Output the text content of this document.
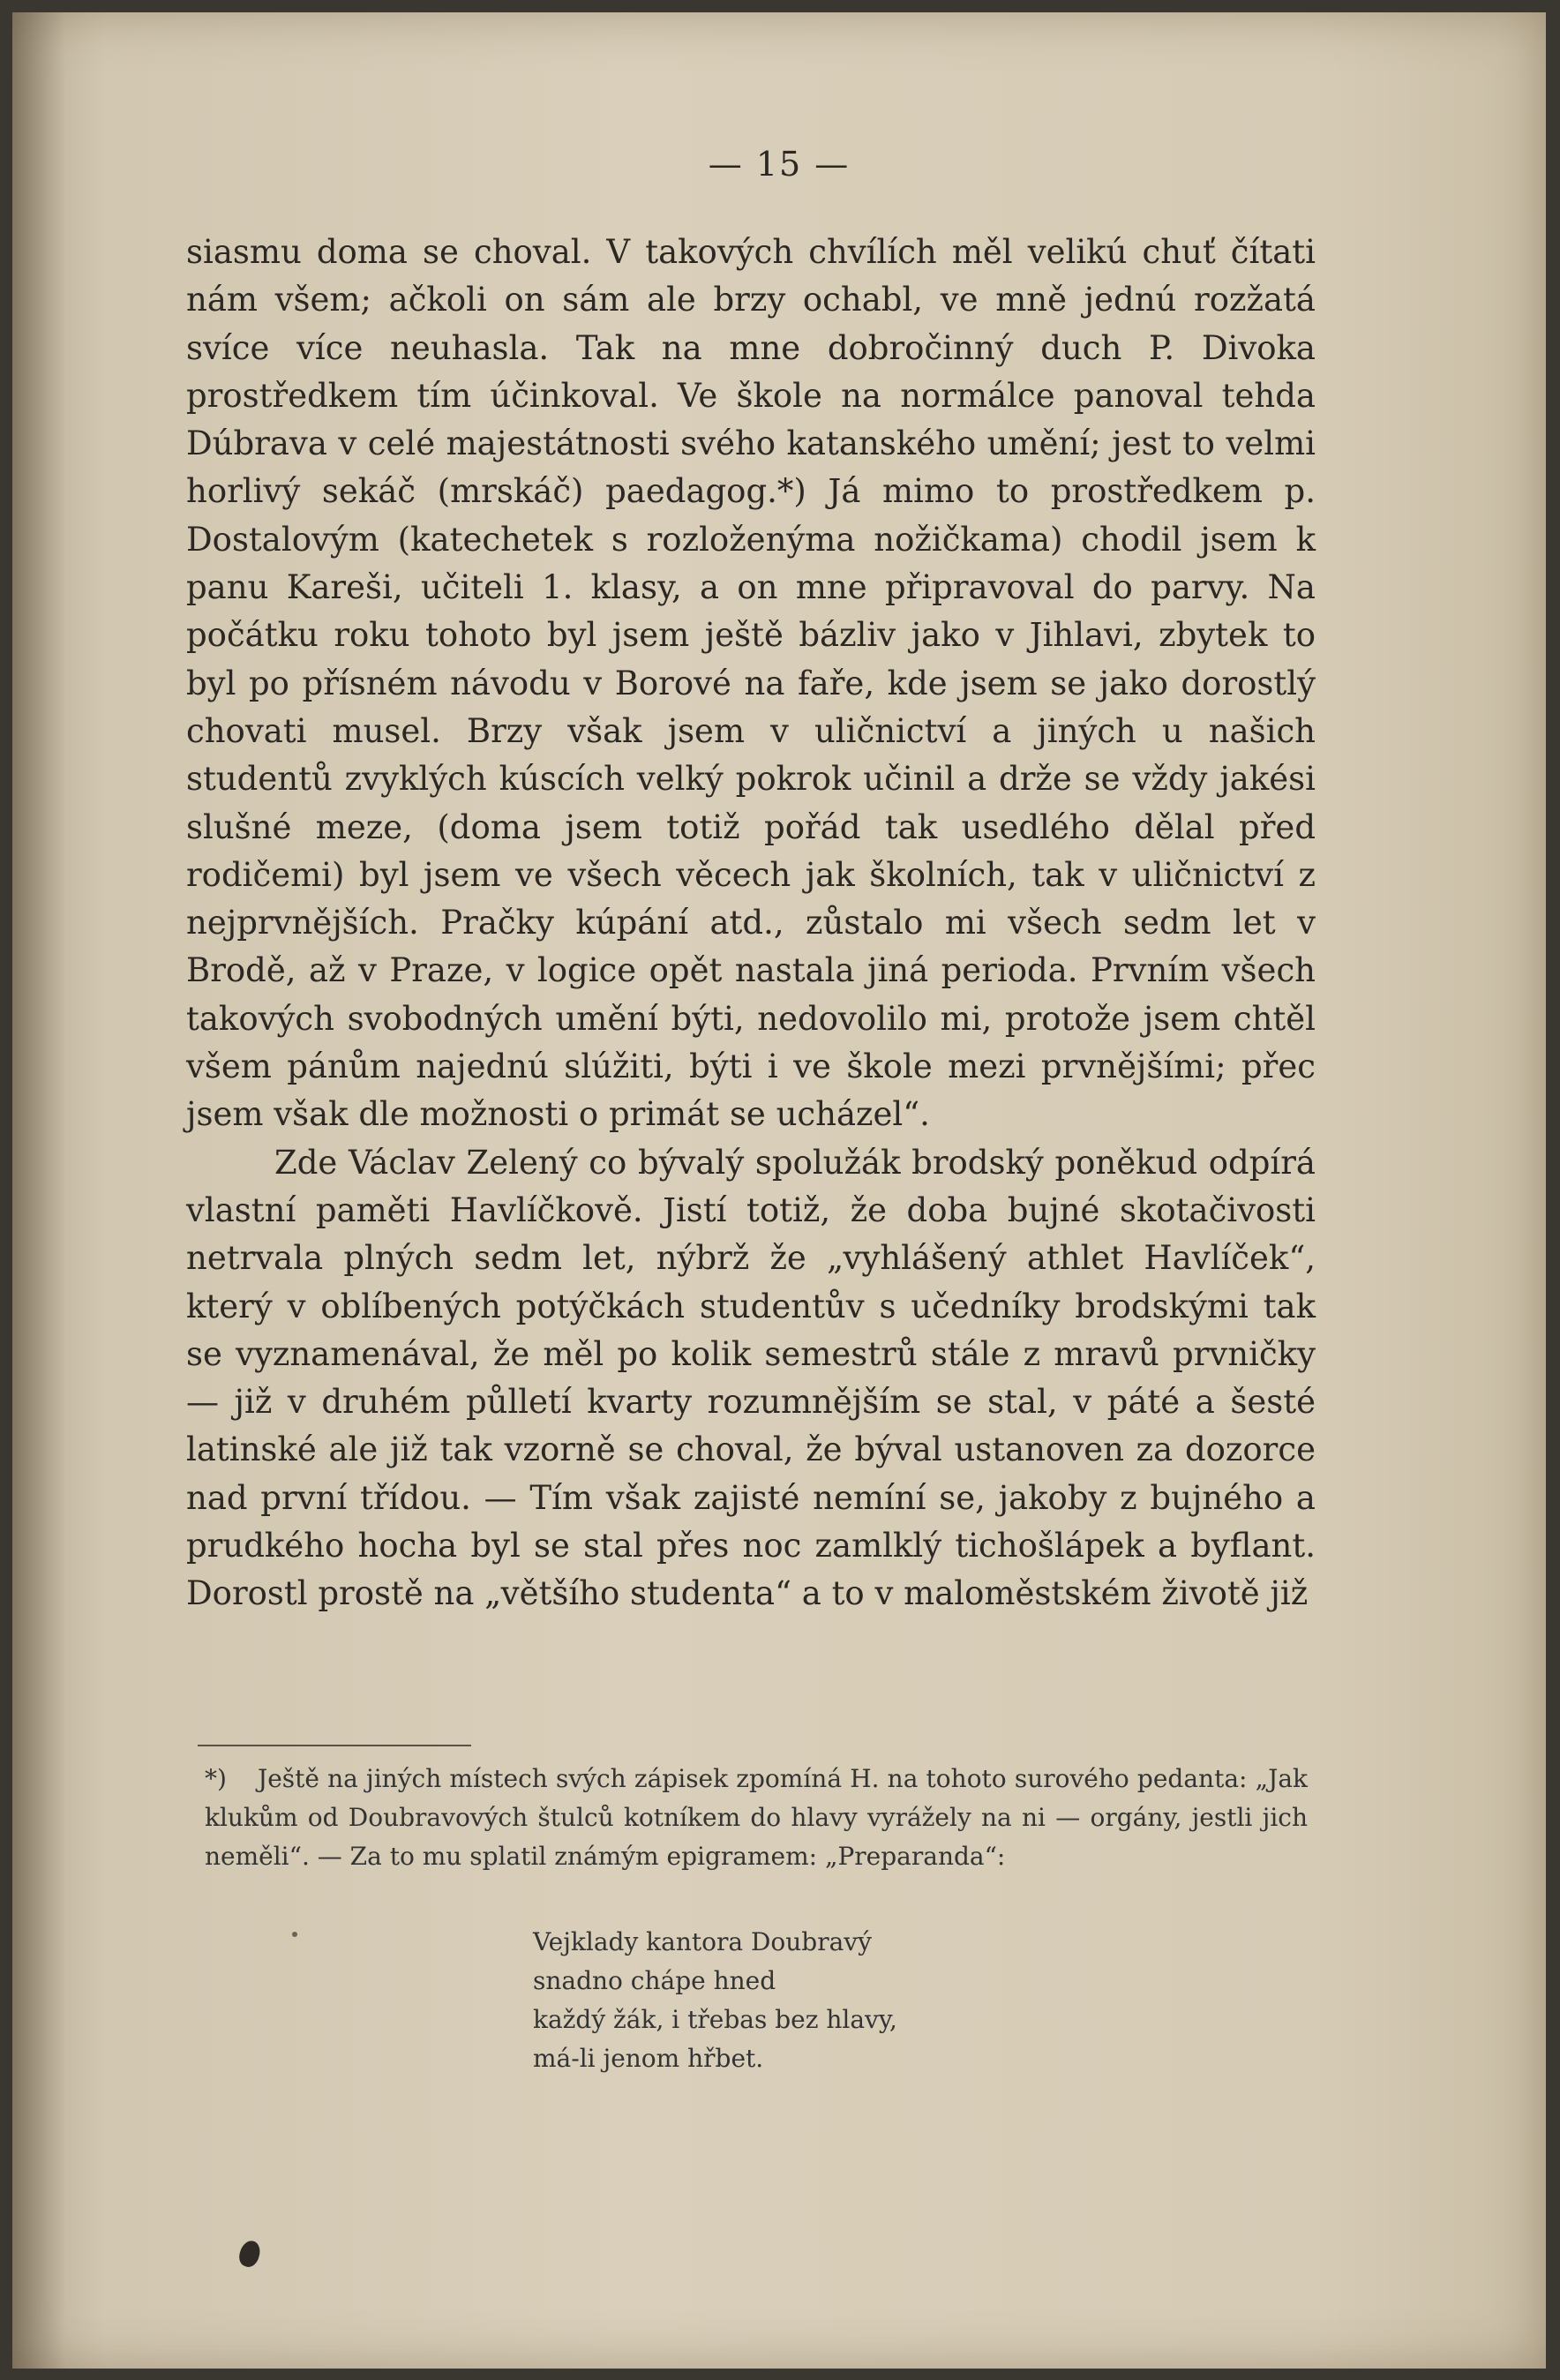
— 15 —

siasmu doma se choval. V takových chvílích měl velikú chuť čítati nám všem; ačkoli on sám ale brzy ochabl, ve mně jednú rozžatá svíce více neuhasla. Tak na mne dobročinný duch P. Divoka prostředkem tím účinkoval. Ve škole na normálce panoval tehda Dúbrava v celé majestátnosti svého katanského umění; jest to velmi horlivý sekáč (mrskáč) paedagog.*) Já mimo to prostředkem p. Dostalovým (katechetek s rozloženýma nožičkama) chodil jsem k panu Kareši, učiteli 1. klasy, a on mne připravoval do parvy. Na počátku roku tohoto byl jsem ještě bázliv jako v Jihlavi, zbytek to byl po přísném návodu v Borové na faře, kde jsem se jako dorostlý chovati musel. Brzy však jsem v uličnictví a jiných u našich studentů zvyklých kúscích velký pokrok učinil a drže se vždy jakési slušné meze, (doma jsem totiž pořád tak usedlého dělal před rodičemi) byl jsem ve všech věcech jak školních, tak v uličnictví z nejprvnějších. Pračky kúpání atd., zůstalo mi všech sedm let v Brodě, až v Praze, v logice opět nastala jiná perioda. Prvním všech takových svobodných umění býti, nedovolilo mi, protože jsem chtěl všem pánům najednú slúžiti, býti i ve škole mezi prvnějšími; přec jsem však dle možnosti o primát se ucházel“.

Zde Václav Zelený co bývalý spolužák brodský poněkud odpírá vlastní paměti Havlíčkově. Jistí totiž, že doba bujné skotačivosti netrvala plných sedm let, nýbrž že „vyhlášený athlet Havlíček“, který v oblíbených potýčkách studentův s učedníky brodskými tak se vyznamenával, že měl po kolik semestrů stále z mravů prvničky — již v druhém půlletí kvarty rozumnějším se stal, v páté a šesté latinské ale již tak vzorně se choval, že býval ustanoven za dozorce nad první třídou. — Tím však zajisté nemíní se, jakoby z bujného a prudkého hocha byl se stal přes noc zamlklý tichošlápek a byflant. Dorostl prostě na „většího studenta“ a to v maloměstském životě již

*) Ještě na jiných místech svých zápisek zpomíná H. na tohoto surového pedanta: „Jak klukům od Doubravových štulců kotníkem do hlavy vyrážely na ni — orgány, jestli jich neměli“. — Za to mu splatil známým epigramem: „Preparanda“:

Vejklady kantora Doubravý
snadno chápe hned
každý žák, i třebas bez hlavy,
má-li jenom hřbet.
